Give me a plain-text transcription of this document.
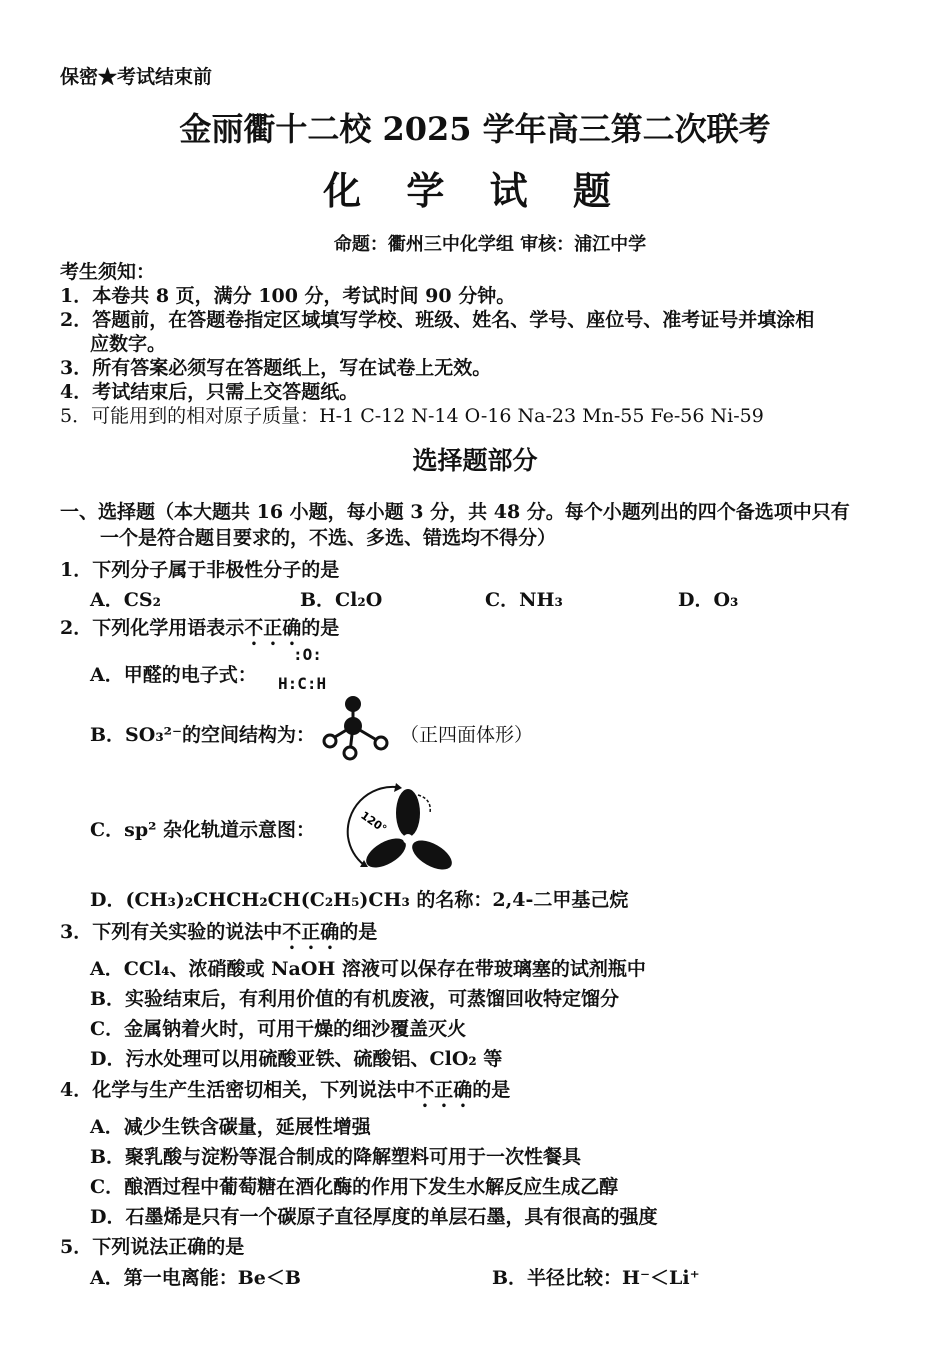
保密★考试结束前
金丽衢十二校 2025 学年高三第二次联考
化 学 试 题
命题：衢州三中化学组 审核：浦江中学
考生须知：
1．本卷共 8 页，满分 100 分，考试时间 90 分钟。
2．答题前，在答题卷指定区域填写学校、班级、姓名、学号、座位号、准考证号并填涂相
应数字。
3．所有答案必须写在答题纸上，写在试卷上无效。
4．考试结束后，只需上交答题纸。
5．可能用到的相对原子质量：H-1 C-12 N-14 O-16 Na-23 Mn-55 Fe-56 Ni-59
选择题部分
一、选择题（本大题共 16 小题，每小题 3 分，共 48 分。每个小题列出的四个备选项中只有
一个是符合题目要求的，不选、多选、错选均不得分）
1．下列分子属于非极性分子的是
A．CS₂	B．Cl₂O	C．NH₃	D．O₃
2．下列化学用语表示不正确的是
A．甲醛的电子式：
:O:
H:C:H
B．SO₃²⁻的空间结构为：	（正四面体形）
C．sp² 杂化轨道示意图：	120°
D．(CH₃)₂CHCH₂CH(C₂H₅)CH₃ 的名称：2,4-二甲基己烷
3．下列有关实验的说法中不正确的是
A．CCl₄、浓硝酸或 NaOH 溶液可以保存在带玻璃塞的试剂瓶中
B．实验结束后，有利用价值的有机废液，可蒸馏回收特定馏分
C．金属钠着火时，可用干燥的细沙覆盖灭火
D．污水处理可以用硫酸亚铁、硫酸铝、ClO₂ 等
4．化学与生产生活密切相关，下列说法中不正确的是
A．减少生铁含碳量，延展性增强
B．聚乳酸与淀粉等混合制成的降解塑料可用于一次性餐具
C．酿酒过程中葡萄糖在酒化酶的作用下发生水解反应生成乙醇
D．石墨烯是只有一个碳原子直径厚度的单层石墨，具有很高的强度
5．下列说法正确的是
A．第一电离能：Be＜B	B．半径比较：H⁻＜Li⁺
